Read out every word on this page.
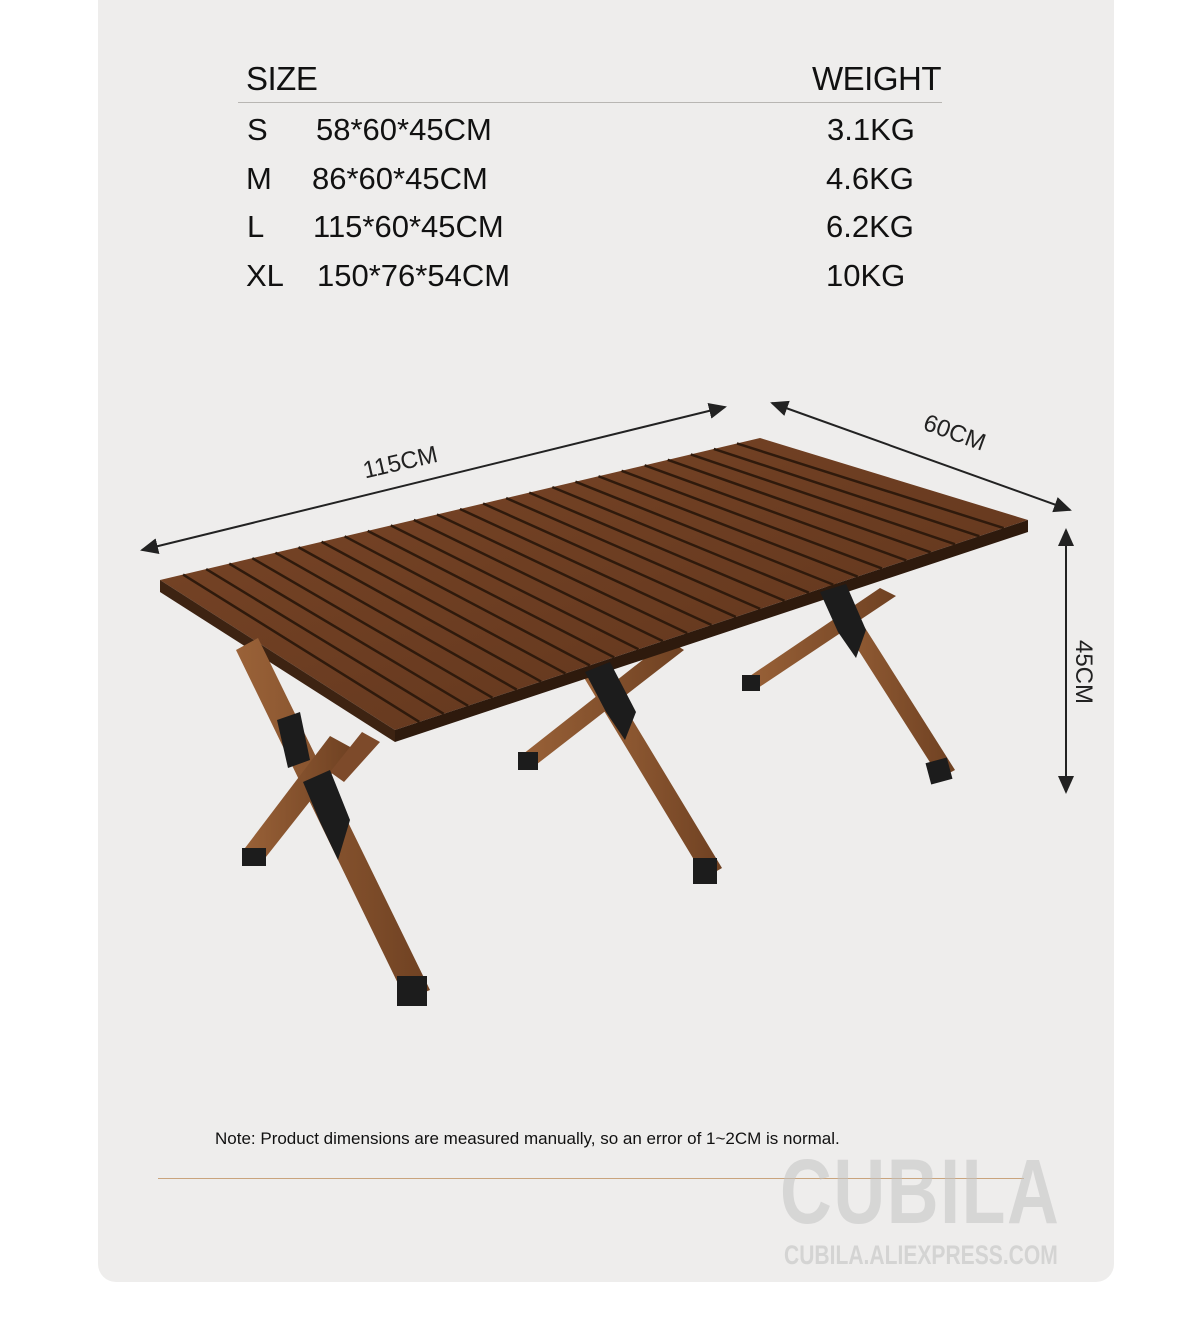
SIZE	WEIGHT
S 58*60*45CM	3.1KG
M 86*60*45CM	4.6KG
L 115*60*45CM	6.2KG
XL 150*76*54CM	10KG
115CM
60CM
45CM
Note: Product dimensions are measured manually, so an error of 1~2CM is normal.
CUBILA
CUBILA.ALIEXPRESS.COM
